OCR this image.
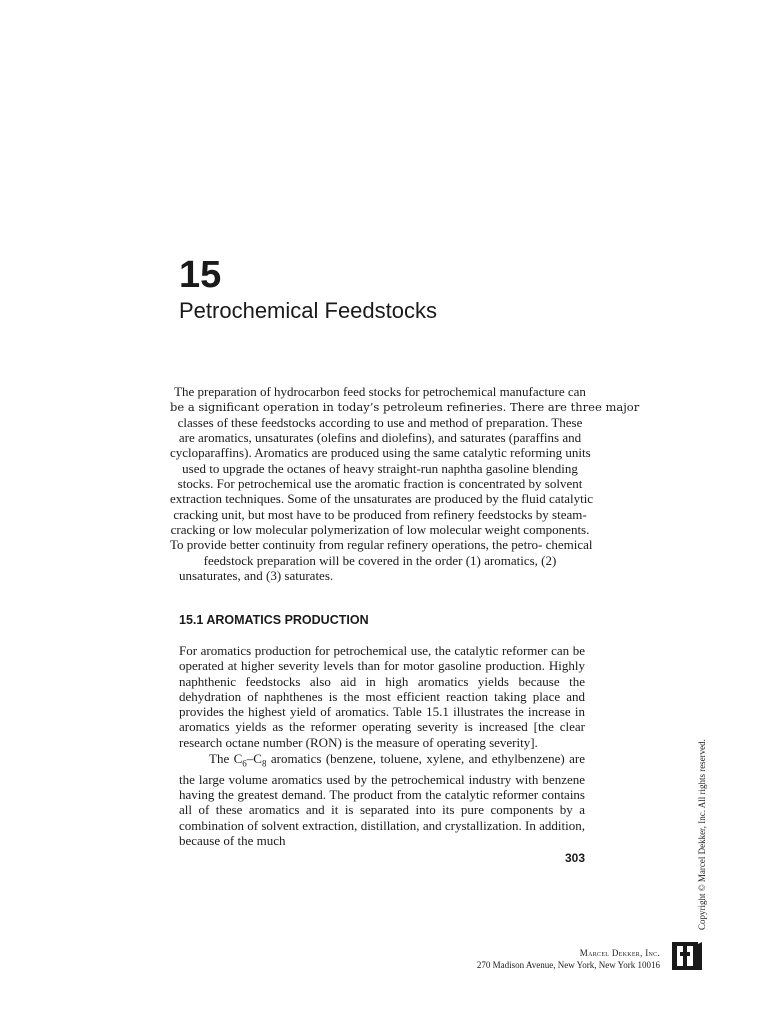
15
Petrochemical Feedstocks
The preparation of hydrocarbon feed stocks for petrochemical manufacture can
be a significant operation in today’s petroleum refineries. There are three major
classes of these feedstocks according to use and method of preparation. These
are aromatics, unsaturates (olefins and diolefins), and saturates (paraffins and
cycloparaffins). Aromatics are produced using the same catalytic reforming units
used to upgrade the octanes of heavy straight-run naphtha gasoline blending
stocks. For petrochemical use the aromatic fraction is concentrated by solvent
extraction techniques. Some of the unsaturates are produced by the fluid catalytic
cracking unit, but most have to be produced from refinery feedstocks by steam-
cracking or low molecular polymerization of low molecular weight components.
To provide better continuity from regular refinery operations, the petro- chemical
feedstock preparation will be covered in the order (1) aromatics, (2)
unsaturates, and (3) saturates.
15.1 AROMATICS PRODUCTION

For aromatics production for petrochemical use, the catalytic reformer can be operated at higher severity levels than for motor gasoline production. Highly naphthenic feedstocks also aid in high aromatics yields because the dehydration of naphthenes is the most efficient reaction taking place and provides the highest yield of aromatics. Table 15.1 illustrates the increase in aromatics yields as the reformer operating severity is increased [the clear research octane number (RON) is the measure of operating severity].

The $C_6-C_8$ aromatics (benzene, toluene, xylene, and ethylbenzene) are the large volume aromatics used by the petrochemical industry with benzene having the greatest demand. The product from the catalytic reformer contains all of these aromatics and it is separated into its pure components by a combination of solvent extraction, distillation, and crystallization. In addition, because of the much

303
Marcel Dekker, Inc.
270 Madison Avenue, New York, New York 10016
Copyright © Marcel Dekker, Inc. All rights reserved.
